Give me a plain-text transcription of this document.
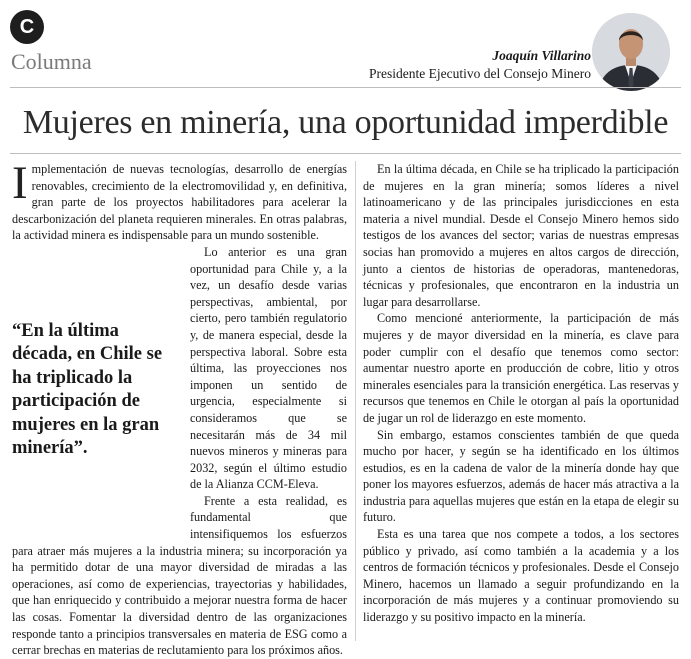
C
Columna	Joaquín Villarino
Presidente Ejecutivo del Consejo Minero
Mujeres en minería, una oportunidad imperdible

Implementación de nuevas tecnologías, desarrollo de energías renovables, crecimiento de la electromovilidad y, en definitiva, gran parte de los proyectos habilitadores para acelerar la descarbonización del planeta requieren minerales. En otras palabras, la actividad minera es indispensable para un mundo sostenible.

“En la última década, en Chile se ha triplicado la participación de mujeres en la gran minería”.

Lo anterior es una gran oportunidad para Chile y, a la vez, un desafío desde varias perspectivas, ambiental, por cierto, pero también regulatorio y, de manera especial, desde la perspectiva laboral. Sobre esta última, las proyecciones nos imponen un sentido de urgencia, especialmente si consideramos que se necesitarán más de 34 mil nuevos mineros y mineras para 2032, según el último estudio de la Alianza CCM-Eleva.

Frente a esta realidad, es fundamental que intensifiquemos los esfuerzos para atraer más mujeres a la industria minera; su incorporación ya ha permitido dotar de una mayor diversidad de miradas a las operaciones, así como de experiencias, trayectorias y habilidades, que han enriquecido y contribuido a mejorar nuestra forma de hacer las cosas. Fomentar la diversidad dentro de las organizaciones responde tanto a principios transversales en materia de ESG como a cerrar brechas en materias de reclutamiento para los próximos años.

En la última década, en Chile se ha triplicado la participación de mujeres en la gran minería; somos líderes a nivel latinoamericano y de las principales jurisdicciones en esta materia a nivel mundial. Desde el Consejo Minero hemos sido testigos de los avances del sector; varias de nuestras empresas socias han promovido a mujeres en altos cargos de dirección, junto a cientos de historias de operadoras, mantenedoras, técnicas y profesionales, que encontraron en la industria un lugar para desarrollarse.

Como mencioné anteriormente, la participación de más mujeres y de mayor diversidad en la minería, es clave para poder cumplir con el desafío que tenemos como sector: aumentar nuestro aporte en producción de cobre, litio y otros minerales esenciales para la transición energética. Las reservas y recursos que tenemos en Chile le otorgan al país la oportunidad de jugar un rol de liderazgo en este momento.

Sin embargo, estamos conscientes también de que queda mucho por hacer, y según se ha identificado en los últimos estudios, es en la cadena de valor de la minería donde hay que poner los mayores esfuerzos, además de hacer más atractiva a la industria para aquellas mujeres que están en la etapa de elegir su futuro.

Esta es una tarea que nos compete a todos, a los sectores público y privado, así como también a la academia y a los centros de formación técnicos y profesionales. Desde el Consejo Minero, hacemos un llamado a seguir profundizando en la incorporación de más mujeres y a continuar promoviendo su liderazgo y su positivo impacto en la minería.
